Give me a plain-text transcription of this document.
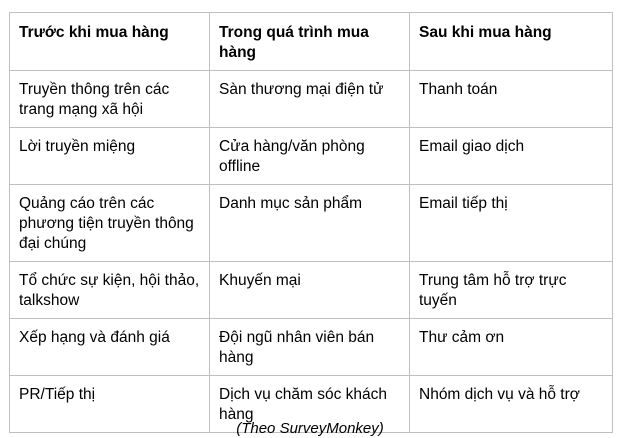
Trước khi mua hàng	Trong quá trình mua hàng	Sau khi mua hàng
Truyền thông trên các trang mạng xã hội	Sàn thương mại điện tử	Thanh toán
Lời truyền miệng	Cửa hàng/văn phòng offline	Email giao dịch
Quảng cáo trên các phương tiện truyền thông đại chúng	Danh mục sản phẩm	Email tiếp thị
Tổ chức sự kiện, hội thảo, talkshow	Khuyến mại	Trung tâm hỗ trợ trực tuyến
Xếp hạng và đánh giá	Đội ngũ nhân viên bán hàng	Thư cảm ơn
PR/Tiếp thị	Dịch vụ chăm sóc khách hàng	Nhóm dịch vụ và hỗ trợ
(Theo SurveyMonkey)
